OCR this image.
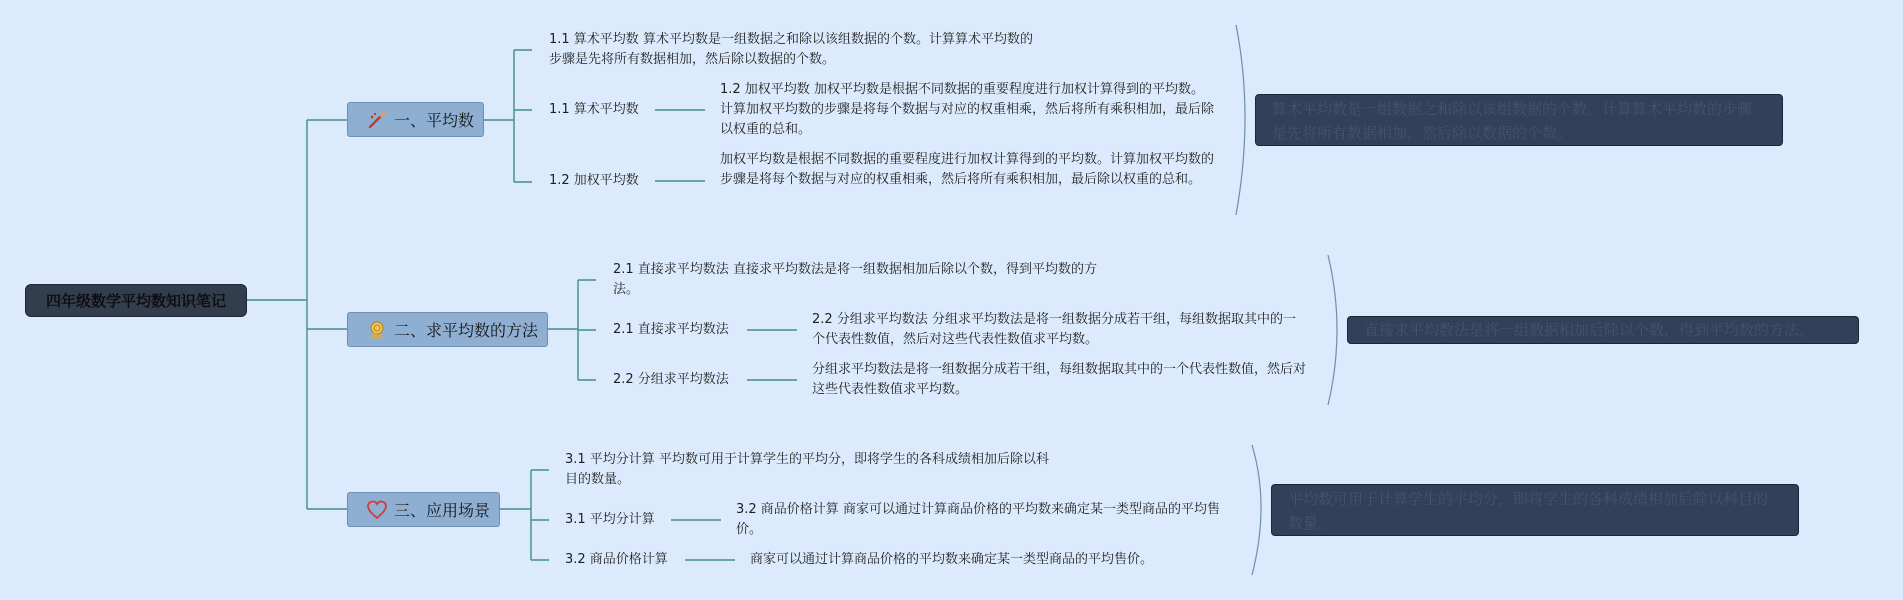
四年级数学平均数知识笔记
一、平均数
1.1 算术平均数 算术平均数是一组数据之和除以该组数据的个数。计算算术平均数的步骤是先将所有数据相加，然后除以数据的个数。
1.1 算术平均数
1.2 加权平均数 加权平均数是根据不同数据的重要程度进行加权计算得到的平均数。计算加权平均数的步骤是将每个数据与对应的权重相乘，然后将所有乘积相加，最后除以权重的总和。
1.2 加权平均数
加权平均数是根据不同数据的重要程度进行加权计算得到的平均数。计算加权平均数的步骤是将每个数据与对应的权重相乘，然后将所有乘积相加，最后除以权重的总和。
算术平均数是一组数据之和除以该组数据的个数。计算算术平均数的步骤是先将所有数据相加，然后除以数据的个数。
二、求平均数的方法
2.1 直接求平均数法 直接求平均数法是将一组数据相加后除以个数，得到平均数的方法。
2.1 直接求平均数法
2.2 分组求平均数法 分组求平均数法是将一组数据分成若干组，每组数据取其中的一个代表性数值，然后对这些代表性数值求平均数。
2.2 分组求平均数法
分组求平均数法是将一组数据分成若干组，每组数据取其中的一个代表性数值，然后对这些代表性数值求平均数。
直接求平均数法是将一组数据相加后除以个数，得到平均数的方法。
三、应用场景
3.1 平均分计算 平均数可用于计算学生的平均分，即将学生的各科成绩相加后除以科目的数量。
3.1 平均分计算
3.2 商品价格计算 商家可以通过计算商品价格的平均数来确定某一类型商品的平均售价。
3.2 商品价格计算	商家可以通过计算商品价格的平均数来确定某一类型商品的平均售价。
平均数可用于计算学生的平均分，即将学生的各科成绩相加后除以科目的数量。
